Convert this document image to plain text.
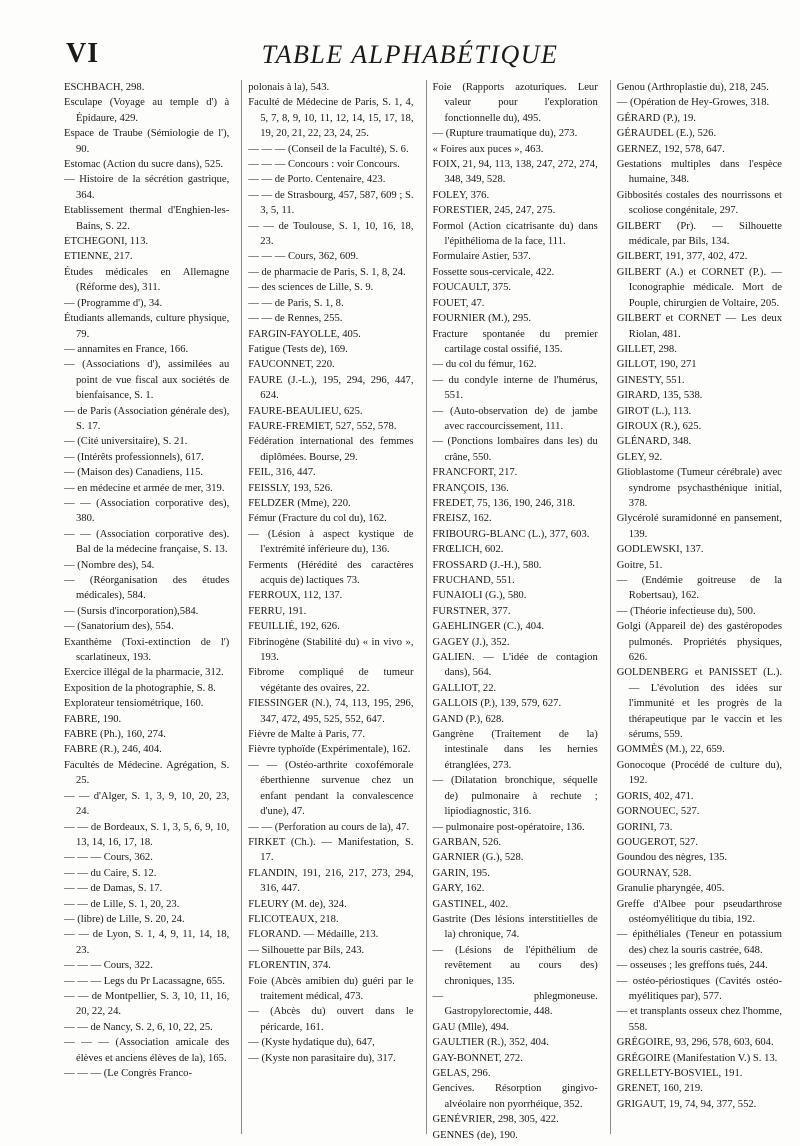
VI	TABLE ALPHABÉTIQUE
ESCHBACH, 298.
Esculape (Voyage au temple d') à Épidaure, 429.
Espace de Traube (Sémiologie de l'), 90.
Estomac (Action du sucre dans), 525.
— Histoire de la sécrétion gastrique, 364.
Etablissement thermal d'Enghien-les-Bains, S. 22.
ETCHEGONI, 113.
ETIENNE, 217.
Études médicales en Allemagne (Réforme des), 311.
— (Programme d'), 34.
Étudiants allemands, culture physique, 79.
— annamites en France, 166.
— (Associations d'), assimilées au point de vue fiscal aux sociétés de bienfaisance, S. 1.
— de Paris (Association générale des), S. 17.
— (Cité universitaire), S. 21.
— (Intérêts professionnels), 617.
— (Maison des) Canadiens, 115.
— en médecine et armée de mer, 319.
— — (Association corporative des), 380.
— — (Association corporative des). Bal de la médecine française, S. 13.
— (Nombre des), 54.
— (Réorganisation des études médicales), 584.
— (Sursis d'incorporation),584.
— (Sanatorium des), 554.
Exanthème (Toxi-extinction de l') scarlatineux, 193.
Exercice illégal de la pharmacie, 312.
Exposition de la photographie, S. 8.
Explorateur tensiométrique, 160.
FABRE, 190.
FABRE (Ph.), 160, 274.
FABRE (R.), 246, 404.
Facultés de Médecine. Agrégation, S. 25.
— — d'Alger, S. 1, 3, 9, 10, 20, 23, 24.
— — de Bordeaux, S. 1, 3, 5, 6, 9, 10, 13, 14, 16, 17, 18.
— — — Cours, 362.
— — du Caire, S. 12.
— — de Damas, S. 17.
— — de Lille, S. 1, 20, 23.
— (libre) de Lille, S. 20, 24.
— — de Lyon, S. 1, 4, 9, 11, 14, 18, 23.
— — — Cours, 322.
— — — Legs du Pr Lacassagne, 655.
— — de Montpellier, S. 3, 10, 11, 16, 20, 22, 24.
— — de Nancy, S. 2, 6, 10, 22, 25.
— — — (Association amicale des élèves et anciens élèves de la), 165.
— — — (Le Congrès Franco-
polonais à la), 543.
Faculté de Médecine de Paris, S. 1, 4, 5, 7, 8, 9, 10, 11, 12, 14, 15, 17, 18, 19, 20, 21, 22, 23, 24, 25.
— — — (Conseil de la Faculté), S. 6.
— — — Concours : voir Concours.
— — de Porto. Centenaire, 423.
— — de Strasbourg, 457, 587, 609 ; S. 3, 5, 11.
— — de Toulouse, S. 1, 10, 16, 18, 23.
— — — Cours, 362, 609.
— de pharmacie de Paris, S. 1, 8, 24.
— des sciences de Lille, S. 9.
— — de Paris, S. 1, 8.
— — de Rennes, 255.
FARGIN-FAYOLLE, 405.
Fatigue (Tests de), 169.
FAUCONNET, 220.
FAURE (J.-L.), 195, 294, 296, 447, 624.
FAURE-BEAULIEU, 625.
FAURE-FREMIET, 527, 552, 578.
Fédération international des femmes diplômées. Bourse, 29.
FEIL, 316, 447.
FEISSLY, 193, 526.
FELDZER (Mme), 220.
Fémur (Fracture du col du), 162.
— (Lésion à aspect kystique de l'extrémité inférieure du), 136.
Ferments (Hérédité des caractères acquis de) lactiques 73.
FERROUX, 112, 137.
FERRU, 191.
FEUILLIÉ, 192, 626.
Fibrinogène (Stabilité du) « in vivo », 193.
Fibrome compliqué de tumeur végétante des ovaires, 22.
FIESSINGER (N.), 74, 113, 195, 296, 347, 472, 495, 525, 552, 647.
Fièvre de Malte à Paris, 77.
Fièvre typhoïde (Expérimentale), 162.
— — (Ostéo-arthrite coxofémorale éberthienne survenue chez un enfant pendant la convalescence d'une), 47.
— — (Perforation au cours de la), 47.
FIRKET (Ch.). — Manifestation, S. 17.
FLANDIN, 191, 216, 217, 273, 294, 316, 447.
FLEURY (M. de), 324.
FLICOTEAUX, 218.
FLORAND. — Médaille, 213.
— Silhouette par Bils, 243.
FLORENTIN, 374.
Foie (Abcès amibien du) guéri par le traitement médical, 473.
— (Abcès du) ouvert dans le péricarde, 161.
— (Kyste hydatique du), 647,
— (Kyste non parasitaire du), 317.
Foie (Rapports azoturiques. Leur valeur pour l'exploration fonctionnelle du), 495.
— (Rupture traumatique du), 273.
« Foires aux puces », 463.
FOIX, 21, 94, 113, 138, 247, 272, 274, 348, 349, 528.
FOLEY, 376.
FORESTIER, 245, 247, 275.
Formol (Action cicatrisante du) dans l'épithélioma de la face, 111.
Formulaire Astier, 537.
Fossette sous-cervicale, 422.
FOUCAULT, 375.
FOUET, 47.
FOURNIER (M.), 295.
Fracture spontanée du premier cartilage costal ossifié, 135.
— du col du fémur, 162.
— du condyle interne de l'humérus, 551.
— (Auto-observation de) de jambe avec raccourcissement, 111.
— (Ponctions lombaires dans les) du crâne, 550.
FRANCFORT, 217.
FRANÇOIS, 136.
FREDET, 75, 136, 190, 246, 318.
FREISZ, 162.
FRIBOURG-BLANC (L.), 377, 603.
FRŒLICH, 602.
FROSSARD (J.-H.), 580.
FRUCHAND, 551.
FUNAIOLI (G.), 580.
FURSTNER, 377.
GAEHLINGER (C.), 404.
GAGEY (J.), 352.
GALIEN. — L'idée de contagion dans), 564.
GALLIOT, 22.
GALLOIS (P.), 139, 579, 627.
GAND (P.), 628.
Gangrène (Traitement de la) intestinale dans les hernies étranglées, 273.
— (Dilatation bronchique, séquelle de) pulmonaire à rechute ; lipiodiagnostic, 316.
— pulmonaire post-opératoire, 136.
GARBAN, 526.
GARNIER (G.), 528.
GARIN, 195.
GARY, 162.
GASTINEL, 402.
Gastrite (Des lésions interstitielles de la) chronique, 74.
— (Lésions de l'épithélium de revêtement au cours des) chroniques, 135.
— phlegmoneuse. Gastropylorectomie, 448.
GAU (Mlle), 494.
GAULTIER (R.), 352, 404.
GAY-BONNET, 272.
GELAS, 296.
Gencives. Résorption gingivo-alvéolaire non pyorrhéique, 352.
GENÉVRIER, 298, 305, 422.
GENNES (de), 190.
Genou (Arthroplastie du), 218, 245.
— (Opération de Hey-Growes, 318.
GÉRARD (P.), 19.
GÉRAUDEL (E.), 526.
GERNEZ, 192, 578, 647.
Gestations multiples dans l'espèce humaine, 348.
Gibbosités costales des nourrissons et scoliose congénitale, 297.
GILBERT (Pr). — Silhouette médicale, par Bils, 134.
GILBERT, 191, 377, 402, 472.
GILBERT (A.) et CORNET (P.). — Iconographie médicale. Mort de Pouple, chirurgien de Voltaire, 205.
GILBERT et CORNET — Les deux Riolan, 481.
GILLET, 298.
GILLOT, 190, 271
GINESTY, 551.
GIRARD, 135, 538.
GIROT (L.), 113.
GIROUX (R.), 625.
GLÉNARD, 348.
GLEY, 92.
Glioblastome (Tumeur cérébrale) avec syndrome psychasthénique initial, 378.
Glycérolé suramidonné en pansement, 139.
GODLEWSKI, 137.
Goitre, 51.
— (Endémie goitreuse de la Robertsau), 162.
— (Théorie infectieuse du), 500.
Golgi (Appareil de) des gastéropodes pulmonés. Propriétés physiques, 626.
GOLDENBERG et PANISSET (L.). — L'évolution des idées sur l'immunité et les progrès de la thérapeutique par le vaccin et les sérums, 559.
GOMMÈS (M.), 22, 659.
Gonocoque (Procédé de culture du), 192.
GORIS, 402, 471.
GORNOUEC, 527.
GORINI, 73.
GOUGEROT, 527.
Goundou des nègres, 135.
GOURNAY, 528.
Granulie pharyngée, 405.
Greffe d'Albee pour pseudarthrose ostéomyélitique du tibia, 192.
— épithéliales (Teneur en potassium des) chez la souris castrée, 648.
— osseuses ; les greffons tués, 244.
— ostéo-périostiques (Cavités ostéo-myélitiques par), 577.
— et transplants osseux chez l'homme, 558.
GRÉGOIRE, 93, 296, 578, 603, 604.
GRÉGOIRE (Manifestation V.) S. 13.
GRELLETY-BOSVIEL, 191.
GRENET, 160, 219.
GRIGAUT, 19, 74, 94, 377, 552.
